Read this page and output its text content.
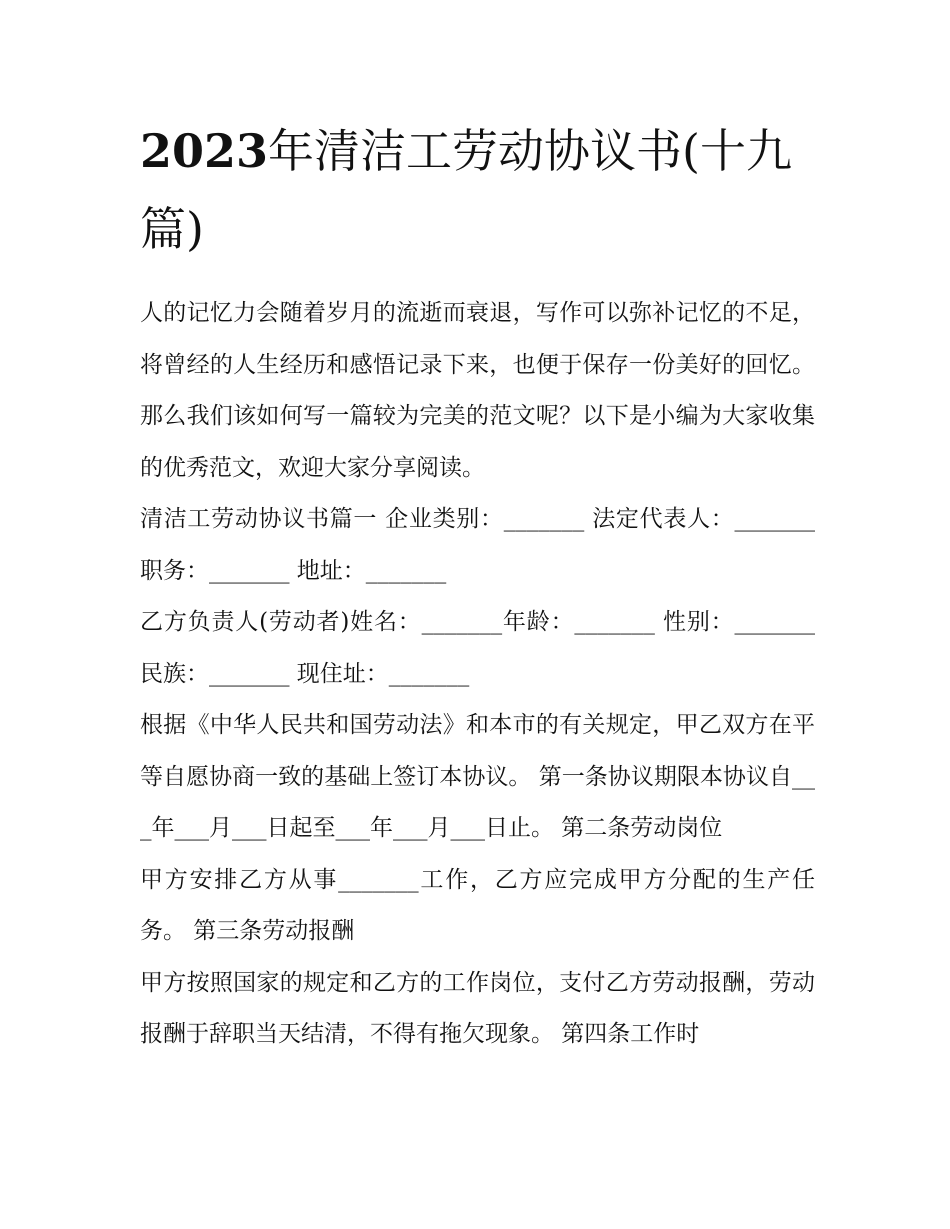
2023年清洁工劳动协议书(十九篇)

人的记忆力会随着岁月的流逝而衰退，写作可以弥补记忆的不足，将曾经的人生经历和感悟记录下来，也便于保存一份美好的回忆。那么我们该如何写一篇较为完美的范文呢？以下是小编为大家收集的优秀范文，欢迎大家分享阅读。

清洁工劳动协议书篇一 企业类别：_______ 法定代表人：_______ 职务：_______ 地址：_______

乙方负责人(劳动者)姓名：_______年龄：_______ 性别：_______民族：_______ 现住址：_______

根据《中华人民共和国劳动法》和本市的有关规定，甲乙双方在平等自愿协商一致的基础上签订本协议。 第一条协议期限本协议自___年___月___日起至___年___月___日止。 第二条劳动岗位

甲方安排乙方从事_______工作，乙方应完成甲方分配的生产任务。 第三条劳动报酬

甲方按照国家的规定和乙方的工作岗位，支付乙方劳动报酬，劳动报酬于辞职当天结清，不得有拖欠现象。 第四条工作时
